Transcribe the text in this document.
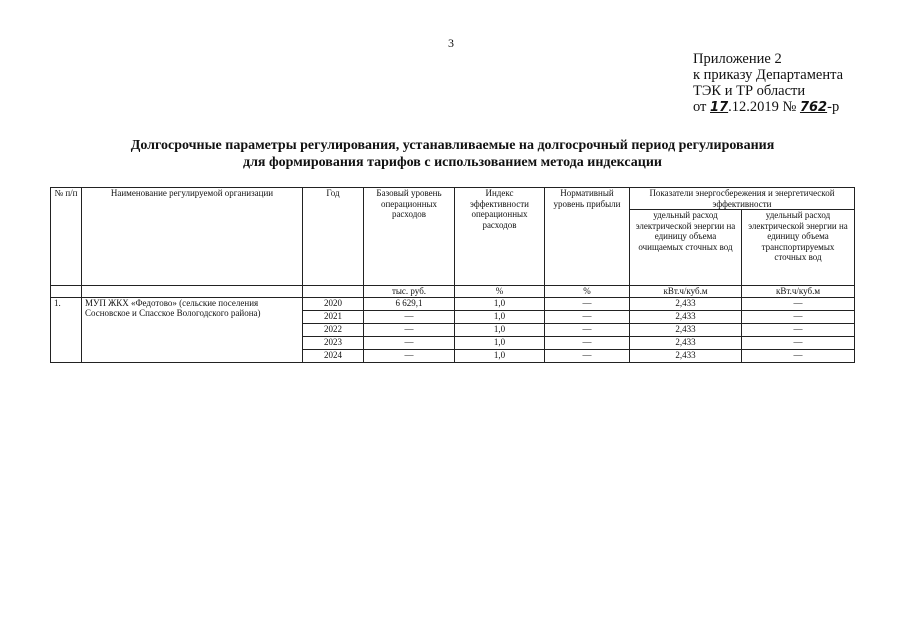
3
Приложение 2
к приказу Департамента
ТЭК и ТР области
от 17.12.2019 № 762-р
Долгосрочные параметры регулирования, устанавливаемые на долгосрочный период регулирования
для формирования тарифов с использованием метода индексации
№ п/п	Наименование регулируемой организации	Год	Базовый уровень операционных расходов	Индекс эффективности операционных расходов	Нормативный уровень прибыли	Показатели энергосбережения и энергетической эффективности	
						удельный расход электрической энергии на единицу объема очищаемых сточных вод	удельный расход электрической энергии на единицу объема транспортируемых сточных вод
			тыс. руб.	%	%	кВт.ч/куб.м	кВт.ч/куб.м
1.	МУП ЖКХ «Федотово» (сельские поселения Сосновское и Спасское Вологодского района)	2020	6 629,1	1,0	—	2,433	—
		2021	—	1,0	—	2,433	—
		2022	—	1,0	—	2,433	—
		2023	—	1,0	—	2,433	—
		2024	—	1,0	—	2,433	—
